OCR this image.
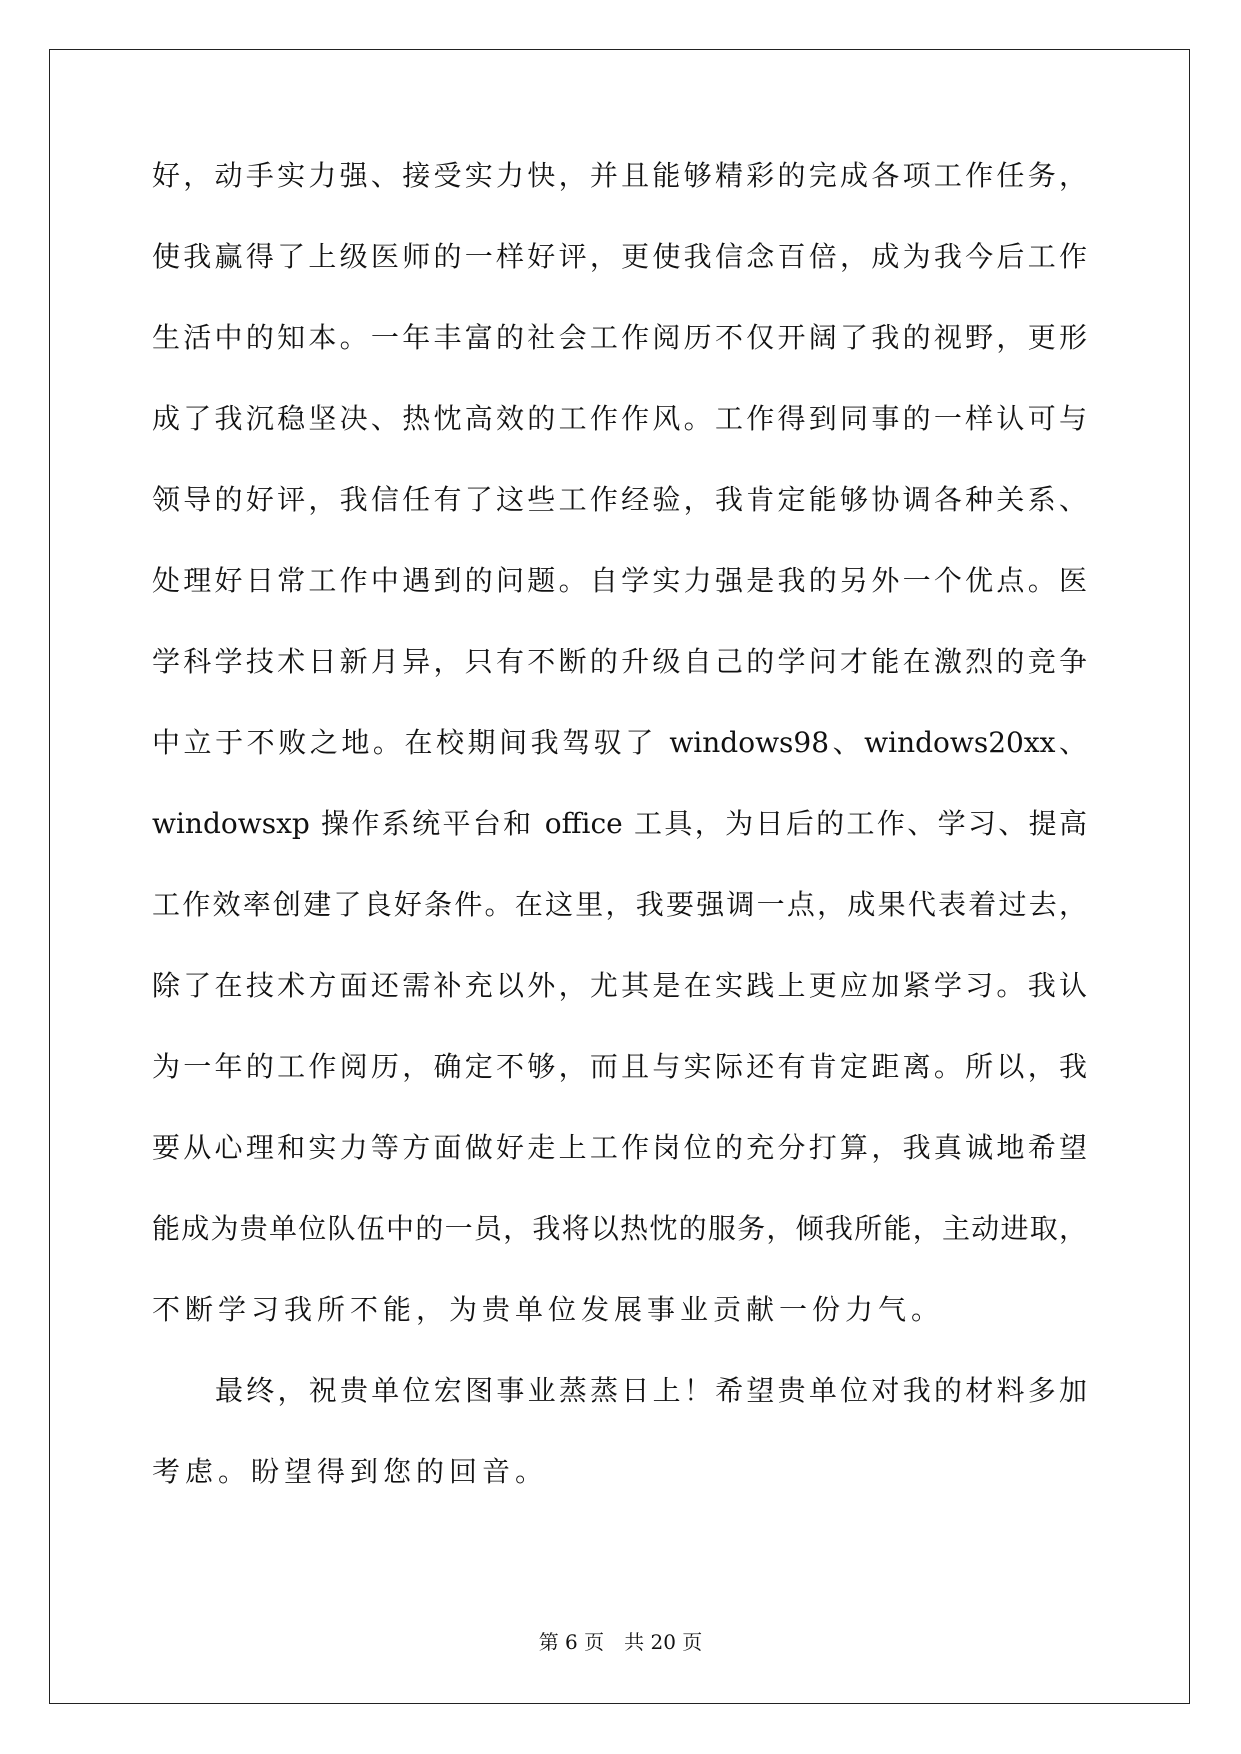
好，动手实力强、接受实力快，并且能够精彩的完成各项工作任务，
使我赢得了上级医师的一样好评，更使我信念百倍，成为我今后工作
生活中的知本。一年丰富的社会工作阅历不仅开阔了我的视野，更形
成了我沉稳坚决、热忱高效的工作作风。工作得到同事的一样认可与
领导的好评，我信任有了这些工作经验，我肯定能够协调各种关系、
处理好日常工作中遇到的问题。自学实力强是我的另外一个优点。医
学科学技术日新月异，只有不断的升级自己的学问才能在激烈的竞争
中立于不败之地。在校期间我驾驭了 windows98、windows20xx、
windowsxp 操作系统平台和 office 工具，为日后的工作、学习、提高
工作效率创建了良好条件。在这里，我要强调一点，成果代表着过去，
除了在技术方面还需补充以外，尤其是在实践上更应加紧学习。我认
为一年的工作阅历，确定不够，而且与实际还有肯定距离。所以，我
要从心理和实力等方面做好走上工作岗位的充分打算，我真诚地希望
能成为贵单位队伍中的一员，我将以热忱的服务，倾我所能，主动进取，
不断学习我所不能，为贵单位发展事业贡献一份力气。
最终，祝贵单位宏图事业蒸蒸日上！希望贵单位对我的材料多加
考虑。盼望得到您的回音。
第 6 页 共 20 页
